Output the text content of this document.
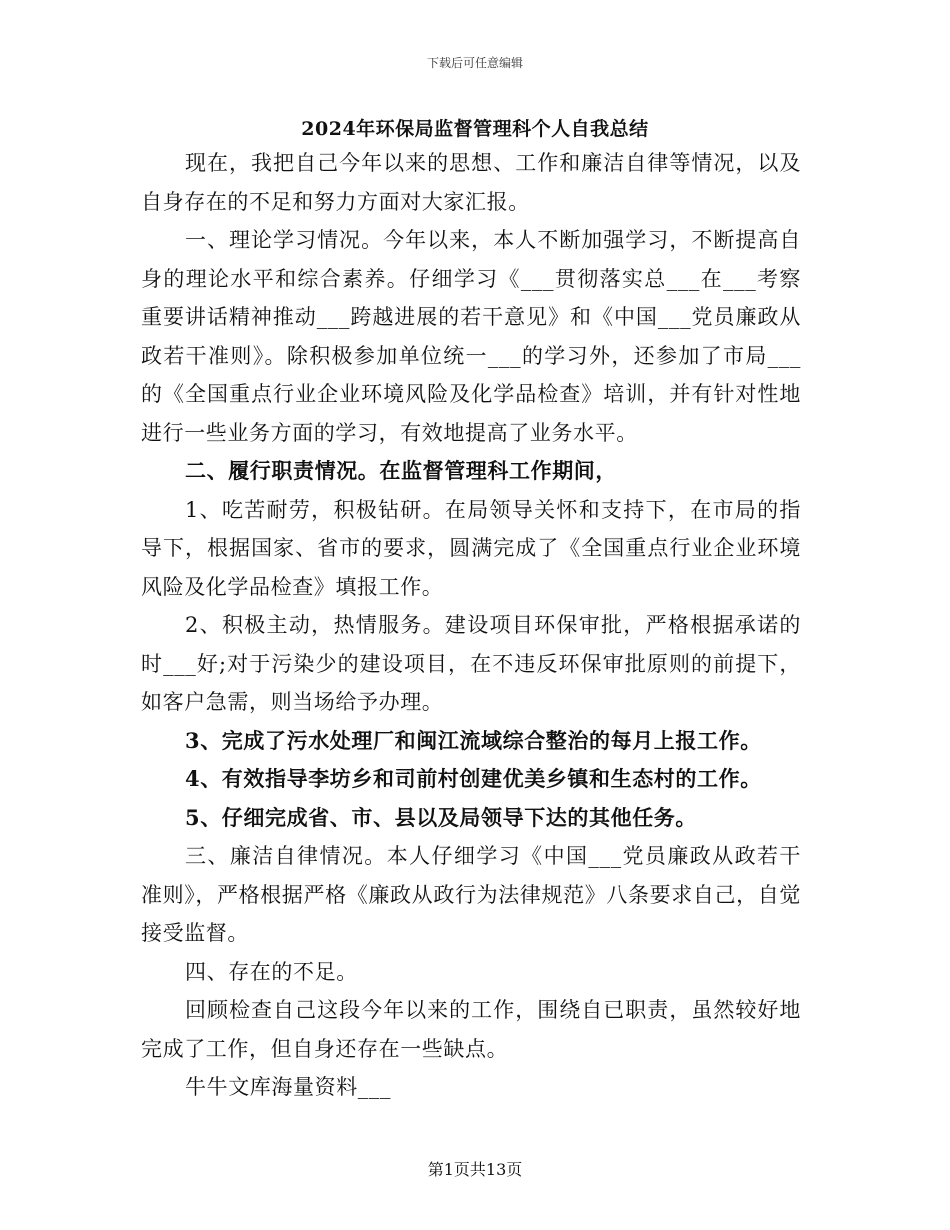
下载后可任意编辑
2024年环保局监督管理科个人自我总结

现在，我把自己今年以来的思想、工作和廉洁自律等情况，以及自身存在的不足和努力方面对大家汇报。

一、理论学习情况。今年以来，本人不断加强学习，不断提高自身的理论水平和综合素养。仔细学习《___贯彻落实总___在___考察重要讲话精神推动___跨越进展的若干意见》和《中国___党员廉政从政若干准则》。除积极参加单位统一___的学习外，还参加了市局___的《全国重点行业企业环境风险及化学品检查》培训，并有针对性地进行一些业务方面的学习，有效地提高了业务水平。

二、履行职责情况。在监督管理科工作期间，

1、吃苦耐劳，积极钻研。在局领导关怀和支持下，在市局的指导下，根据国家、省市的要求，圆满完成了《全国重点行业企业环境风险及化学品检查》填报工作。

2、积极主动，热情服务。建设项目环保审批，严格根据承诺的时___好;对于污染少的建设项目，在不违反环保审批原则的前提下，如客户急需，则当场给予办理。

3、完成了污水处理厂和闽江流域综合整治的每月上报工作。

4、有效指导李坊乡和司前村创建优美乡镇和生态村的工作。

5、仔细完成省、市、县以及局领导下达的其他任务。

三、廉洁自律情况。本人仔细学习《中国___党员廉政从政若干准则》，严格根据严格《廉政从政行为法律规范》八条要求自己，自觉接受监督。

四、存在的不足。

回顾检查自己这段今年以来的工作，围绕自已职责，虽然较好地完成了工作，但自身还存在一些缺点。

牛牛文库海量资料___

第1页共13页
